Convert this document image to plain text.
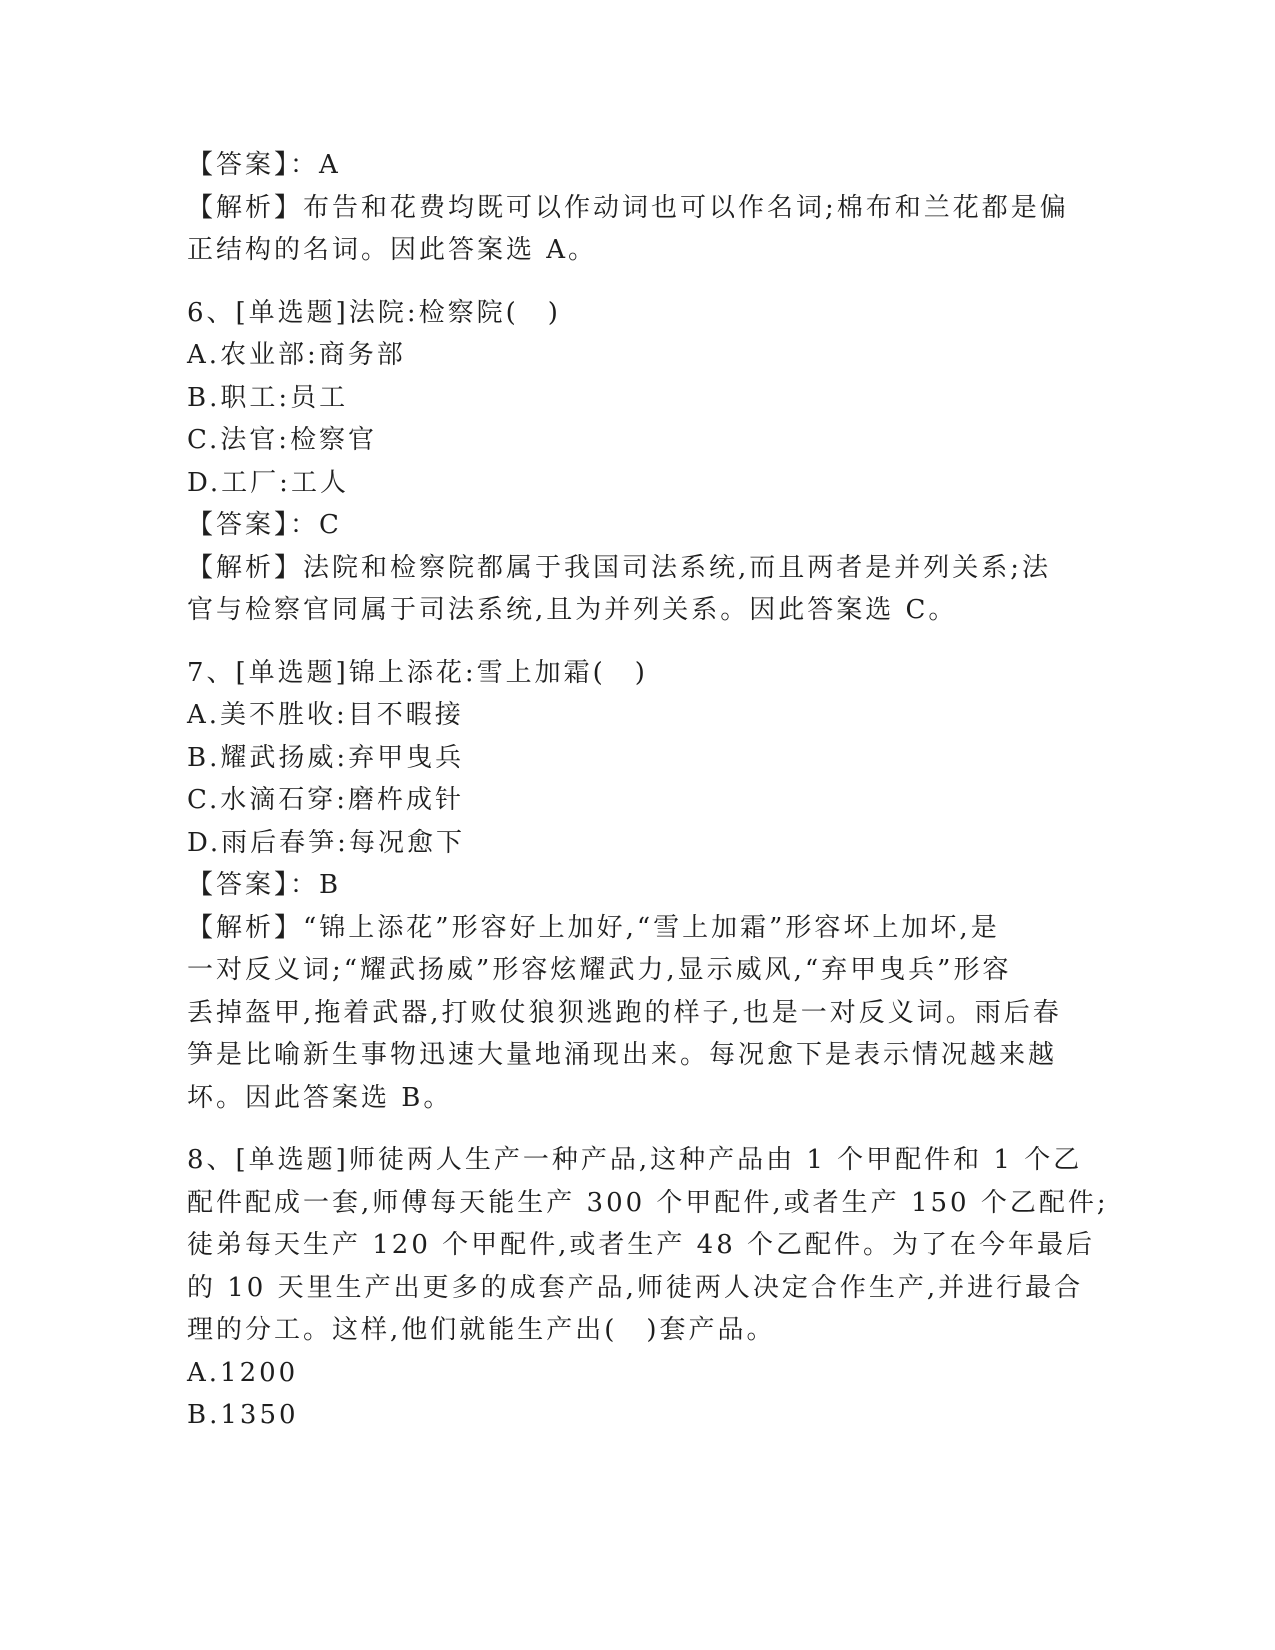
【答案】：A
【解析】布告和花费均既可以作动词也可以作名词;棉布和兰花都是偏
正结构的名词。因此答案选 A。
6、[单选题]法院:检察院(　)
A.农业部:商务部
B.职工:员工
C.法官:检察官
D.工厂:工人
【答案】：C
【解析】法院和检察院都属于我国司法系统,而且两者是并列关系;法
官与检察官同属于司法系统,且为并列关系。因此答案选 C。
7、[单选题]锦上添花:雪上加霜(　)
A.美不胜收:目不暇接
B.耀武扬威:弃甲曳兵
C.水滴石穿:磨杵成针
D.雨后春笋:每况愈下
【答案】：B
【解析】“锦上添花”形容好上加好,“雪上加霜”形容坏上加坏,是
一对反义词;“耀武扬威”形容炫耀武力,显示威风,“弃甲曳兵”形容
丢掉盔甲,拖着武器,打败仗狼狈逃跑的样子,也是一对反义词。雨后春
笋是比喻新生事物迅速大量地涌现出来。每况愈下是表示情况越来越
坏。因此答案选 B。
8、[单选题]师徒两人生产一种产品,这种产品由 1 个甲配件和 1 个乙
配件配成一套,师傅每天能生产 300 个甲配件,或者生产 150 个乙配件;
徒弟每天生产 120 个甲配件,或者生产 48 个乙配件。为了在今年最后
的 10 天里生产出更多的成套产品,师徒两人决定合作生产,并进行最合
理的分工。这样,他们就能生产出(　)套产品。
A.1200
B.1350
